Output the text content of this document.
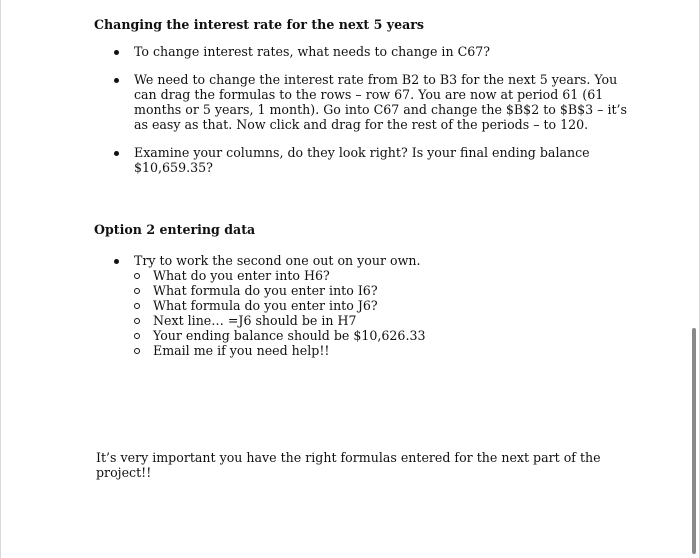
Changing the interest rate for the next 5 years
To change interest rates, what needs to change in C67?
We need to change the interest rate from B2 to B3 for the next 5 years. You can drag the formulas to the rows – row 67. You are now at period 61 (61 months or 5 years, 1 month). Go into C67 and change the $B$2 to $B$3 – it’s as easy as that. Now click and drag for the rest of the periods – to 120.
Examine your columns, do they look right? Is your final ending balance $10,659.35?
Option 2 entering data
Try to work the second one out on your own.
What do you enter into H6?
What formula do you enter into I6?
What formula do you enter into J6?
Next line… =J6 should be in H7
Your ending balance should be $10,626.33
Email me if you need help!!

It’s very important you have the right formulas entered for the next part of the project!!
